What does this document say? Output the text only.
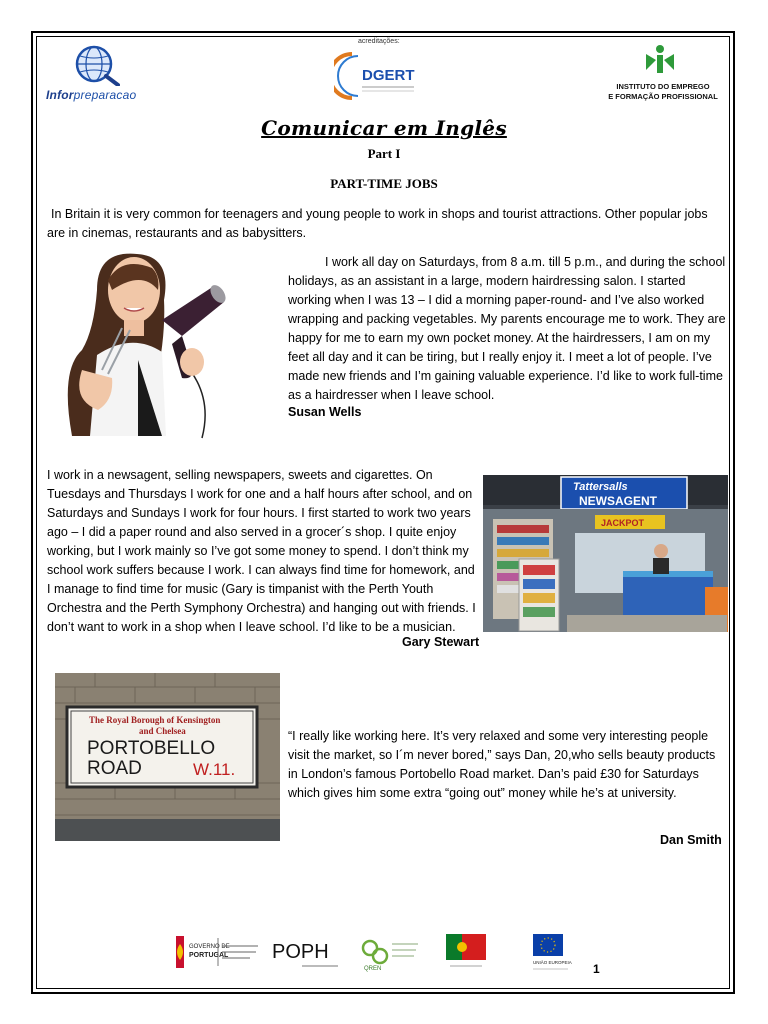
Inforpreparacao
acreditações:
DGERT
INSTITUTO DO EMPREGO
E FORMAÇÃO PROFISSIONAL
Comunicar em Inglês
Part I
PART-TIME JOBS
In Britain it is very common for teenagers and young people to work in shops and tourist attractions. Other popular jobs are in cinemas, restaurants and as babysitters.
I work all day on Saturdays, from 8 a.m. till 5 p.m., and during the school holidays, as an assistant in a large, modern hairdressing salon. I started working when I was 13 – I did a morning paper-round- and I’ve also worked wrapping and packing vegetables. My parents encourage me to work. They are happy for me to earn my own pocket money. At the hairdressers, I am on my feet all day and it can be tiring, but I really enjoy it. I meet a lot of people. I’ve made new friends and I’m gaining valuable experience. I’d like to work full-time as a hairdresser when I leave school.
Susan Wells
I work in a newsagent, selling newspapers, sweets and cigarettes. On Tuesdays and Thursdays I work for one and a half hours after school, and on Saturdays and Sundays I work for four hours. I first started to work two years ago – I did a paper round and also served in a grocer´s shop. I quite enjoy working, but I work mainly so I’ve got some money to spend. I don’t think my school work suffers because I work. I can always find time for homework, and I manage to find time for music (Gary is timpanist with the Perth Youth Orchestra and the Perth Symphony Orchestra) and hanging out with friends. I don’t want to work in a shop when I leave school. I’d like to be a musician.
Gary Stewart
Tattersalls
NEWSAGENT
JACKPOT
The Royal Borough of Kensington
and Chelsea
PORTOBELLO
ROAD	W.11.
“I really like working here. It’s very relaxed and some very interesting people visit the market, so I´m never bored,” says Dan, 20,who sells beauty products in London’s famous Portobello Road market. Dan’s paid £30 for Saturdays which gives him some extra “going out” money while he’s at university.
Dan Smith
GOVERNO DE
PORTUGAL POPH
QREN
UNIÃO EUROPEIA 1
